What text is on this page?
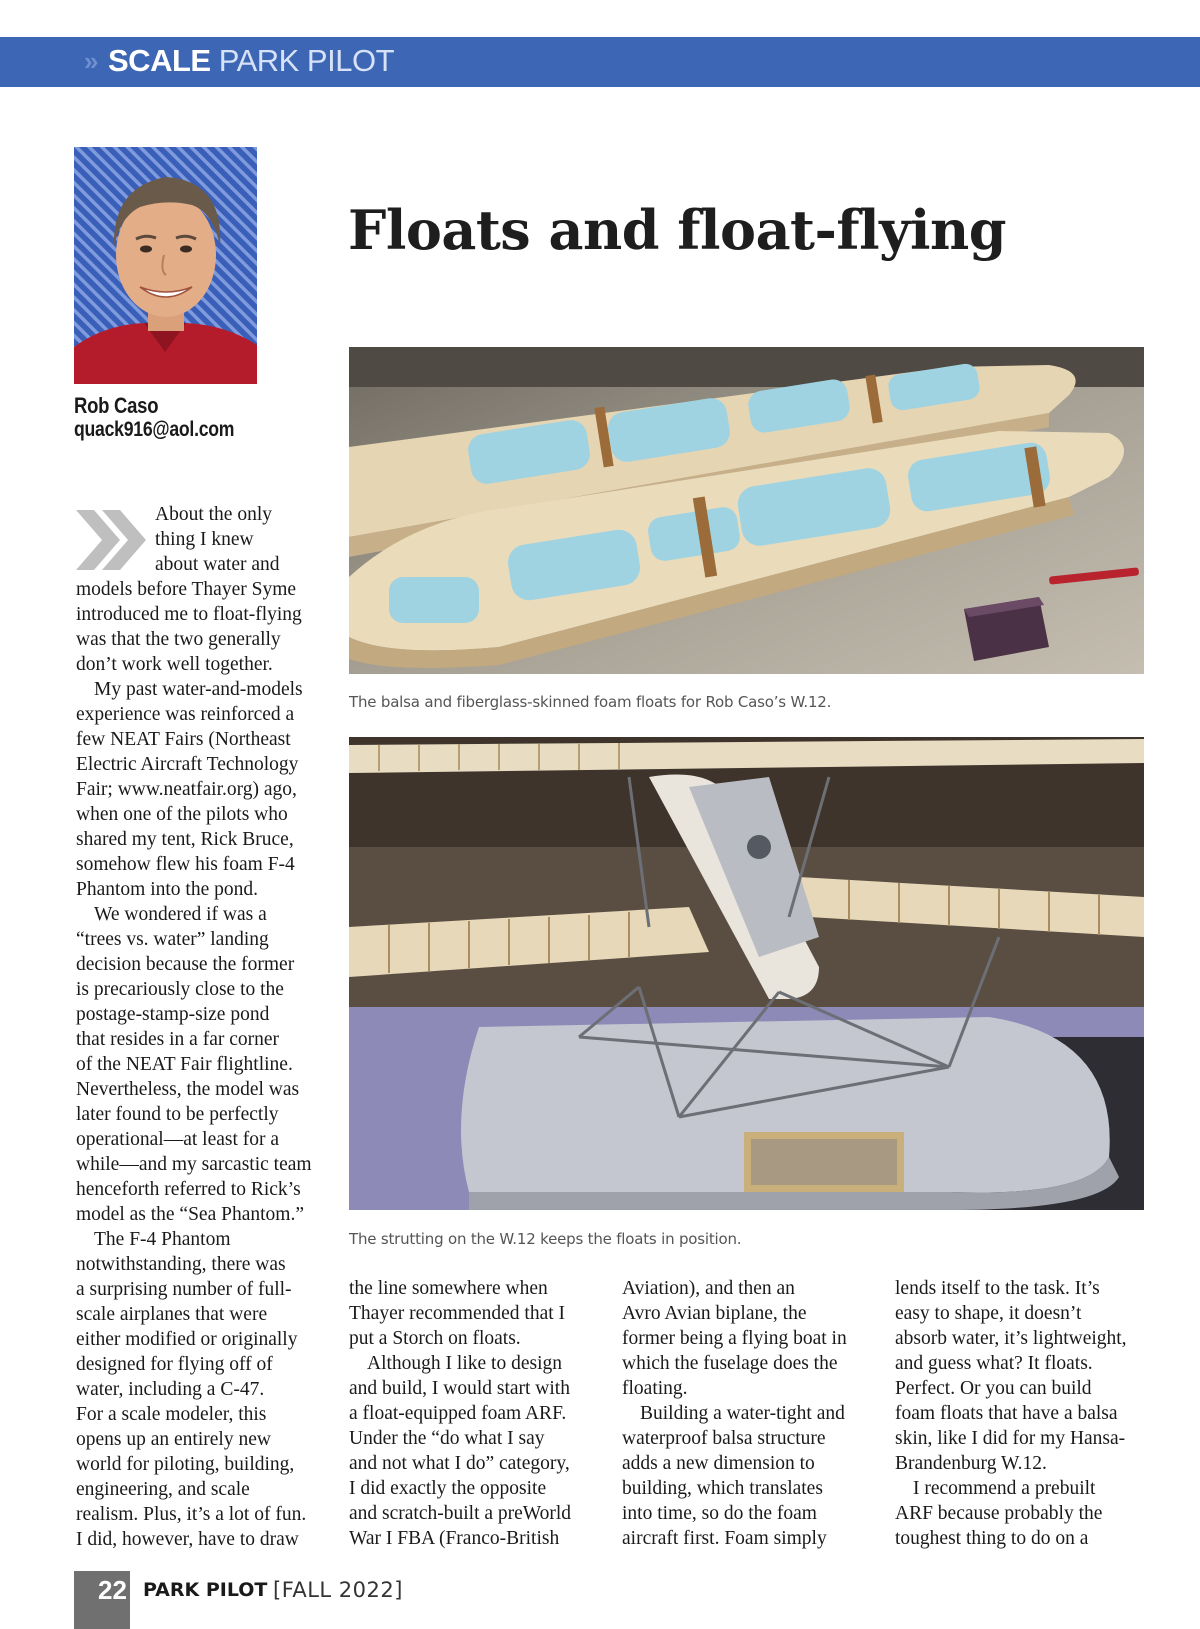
» SCALE PARK PILOT
Rob Caso
quack916@aol.com
Floats and float-flying

The balsa and fiberglass-skinned foam floats for Rob Caso’s W.12.

The strutting on the W.12 keeps the floats in position.

About the only
thing I knew
about water and
models before Thayer Syme
introduced me to float-flying
was that the two generally
don’t work well together.
My past water-and-models
experience was reinforced a
few NEAT Fairs (Northeast
Electric Aircraft Technology
Fair; www.neatfair.org) ago,
when one of the pilots who
shared my tent, Rick Bruce,
somehow flew his foam F-4
Phantom into the pond.
We wondered if was a
“trees vs. water” landing
decision because the former
is precariously close to the
postage-stamp-size pond
that resides in a far corner
of the NEAT Fair flightline.
Nevertheless, the model was
later found to be perfectly
operational—at least for a
while—and my sarcastic team
henceforth referred to Rick’s
model as the “Sea Phantom.”
The F-4 Phantom
notwithstanding, there was
a surprising number of full-
scale airplanes that were
either modified or originally
designed for flying off of
water, including a C-47.
For a scale modeler, this
opens up an entirely new
world for piloting, building,
engineering, and scale
realism. Plus, it’s a lot of fun.
I did, however, have to draw
the line somewhere when
Thayer recommended that I
put a Storch on floats.
Although I like to design
and build, I would start with
a float-equipped foam ARF.
Under the “do what I say
and not what I do” category,
I did exactly the opposite
and scratch-built a preWorld
War I FBA (Franco-British
Aviation), and then an
Avro Avian biplane, the
former being a flying boat in
which the fuselage does the
floating.
Building a water-tight and
waterproof balsa structure
adds a new dimension to
building, which translates
into time, so do the foam
aircraft first. Foam simply
lends itself to the task. It’s
easy to shape, it doesn’t
absorb water, it’s lightweight,
and guess what? It floats.
Perfect. Or you can build
foam floats that have a balsa
skin, like I did for my Hansa-
Brandenburg W.12.
I recommend a prebuilt
ARF because probably the
toughest thing to do on a
22 PARK PILOT [FALL 2022]
